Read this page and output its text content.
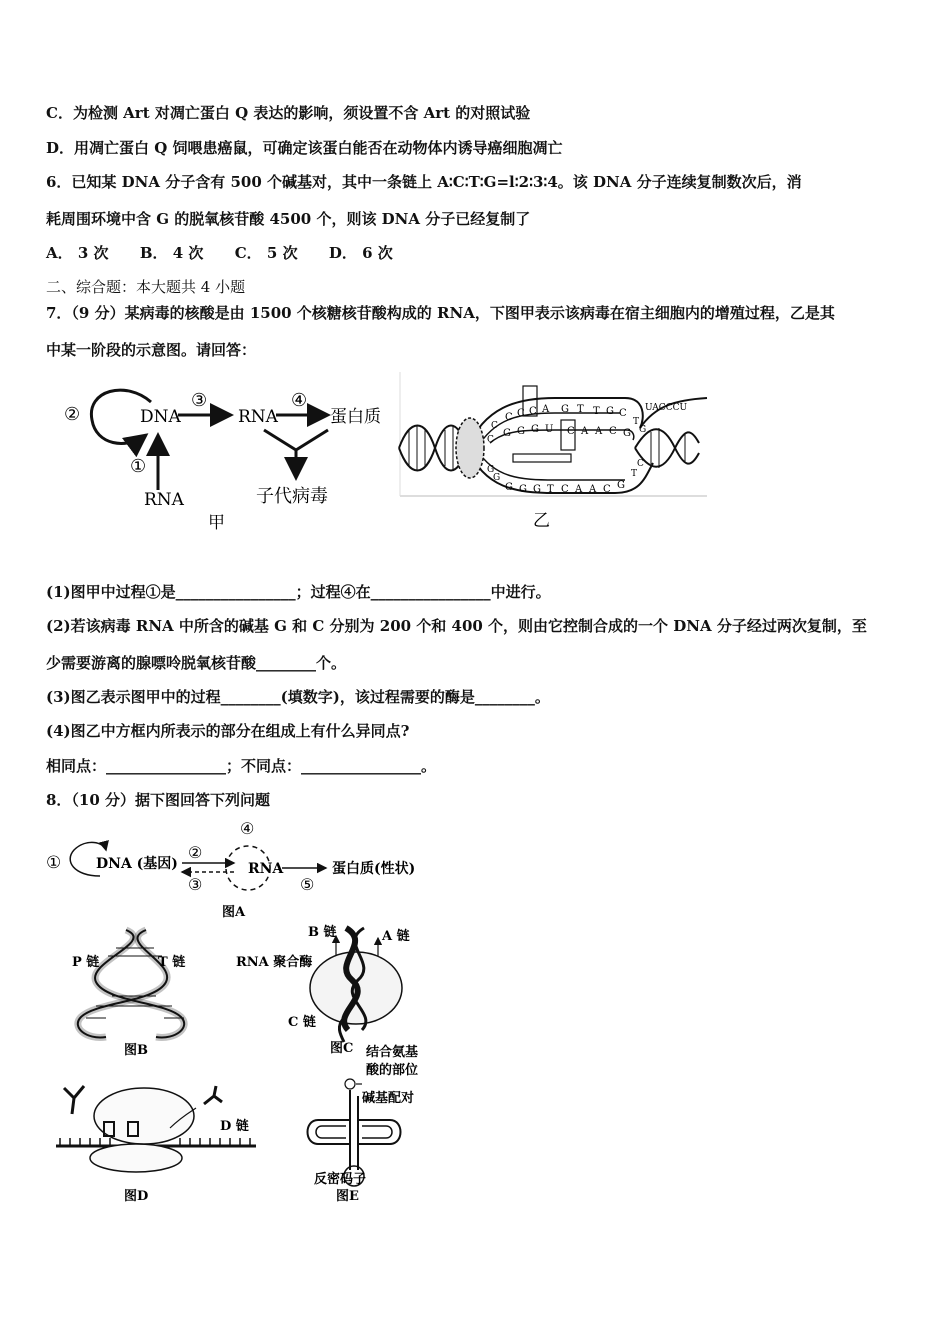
C．为检测 Art 对凋亡蛋白 Q 表达的影响，须设置不含 Art 的对照试验
D．用凋亡蛋白 Q 饲喂患癌鼠，可确定该蛋白能否在动物体内诱导癌细胞凋亡
6．已知某 DNA 分子含有 500 个碱基对，其中一条链上 A∶C∶T∶G=l∶2∶3∶4。该 DNA 分子连续复制数次后，消
耗周围环境中含 G 的脱氧核苷酸 4500 个，则该 DNA 分子已经复制了
A． 3 次      B． 4 次      C． 5 次      D． 6 次
二、综合题：本大题共 4 小题
7．（9 分）某病毒的核酸是由 1500 个核糖核苷酸构成的 RNA，下图甲表示该病毒在宿主细胞内的增殖过程，乙是其
中某一阶段的示意图。请回答：
②	DNA
③
RNA
④
蛋白质
①
RNA	子代病毒
甲
UACCCU
C C C A G T T G C
G G G U C A A C G
G G G T C A A C G
C
C
G
G	T
C
T
G
乙
(1)图甲中过程①是________________；过程④在________________中进行。
(2)若该病毒 RNA 中所含的碱基 G 和 C 分别为 200 个和 400 个，则由它控制合成的一个 DNA 分子经过两次复制，至
少需要游离的腺嘌呤脱氧核苷酸________个。
(3)图乙表示图甲中的过程________(填数字)，该过程需要的酶是________。
(4)图乙中方框内所表示的部分在组成上有什么异同点?
相同点：________________；不同点：________________。
8．（10 分）据下图回答下列问题
① DNA (基因)
②
③
④
RNA
⑤
蛋白质(性状)
图A
P 链	T 链
图B
B 链	A 链
RNA 聚合酶
C 链
图C
D 链
图D
结合氨基
酸的部位
碱基配对
反密码子
图E
